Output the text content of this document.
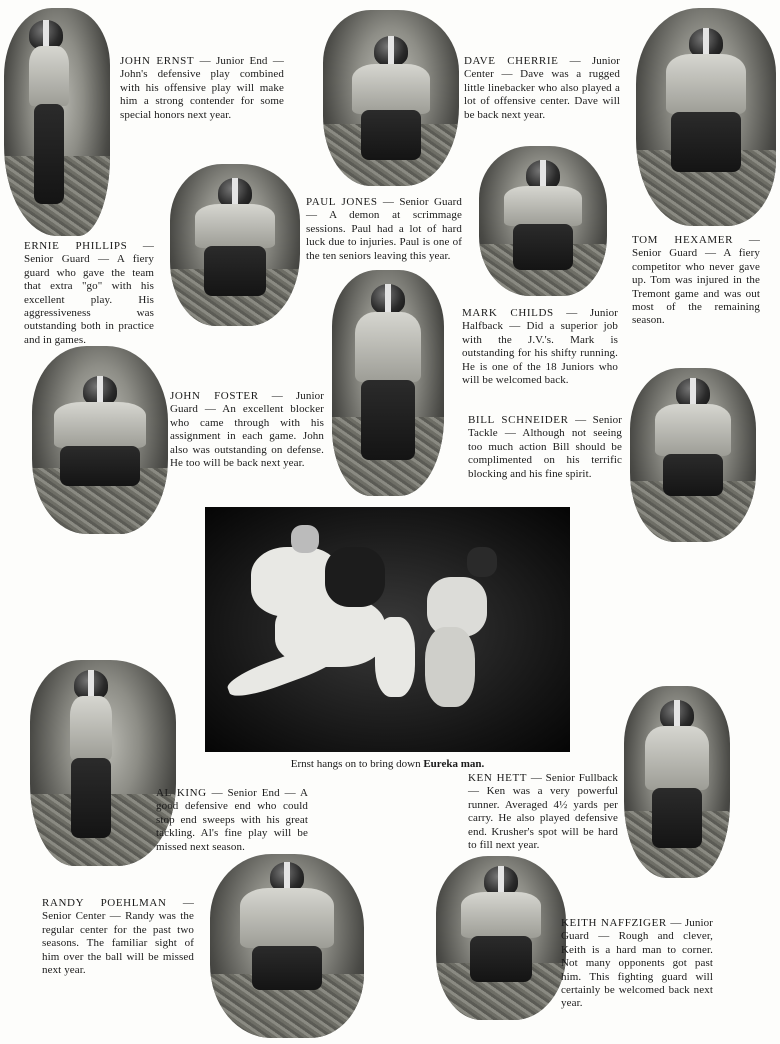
Ernst hangs on to bring down Eureka man.
JOHN ERNST — Junior End — John's defensive play combined with his offensive play will make him a strong contender for some special honors next year.
DAVE CHERRIE — Junior Center — Dave was a rugged little linebacker who also played a lot of offensive center. Dave will be back next year.
PAUL JONES — Senior Guard — A demon at scrimmage sessions. Paul had a lot of hard luck due to injuries. Paul is one of the ten seniors leaving this year.
TOM HEXAMER — Senior Guard — A fiery competitor who never gave up. Tom was injured in the Tremont game and was out most of the remaining season.
ERNIE PHILLIPS — Senior Guard — A fiery guard who gave the team that extra "go" with his excellent play. His aggressiveness was outstanding both in practice and in games.
MARK CHILDS — Junior Halfback — Did a superior job with the J.V.'s. Mark is outstanding for his shifty running. He is one of the 18 Juniors who will be welcomed back.
JOHN FOSTER — Junior Guard — An excellent blocker who came through with his assignment in each game. John also was outstanding on defense. He too will be back next year.
BILL SCHNEIDER — Senior Tackle — Although not seeing too much action Bill should be complimented on his terrific blocking and his fine spirit.
AL KING — Senior End — A good defensive end who could stop end sweeps with his great tackling. Al's fine play will be missed next season.
KEN HETT — Senior Fullback — Ken was a very powerful runner. Averaged 4½ yards per carry. He also played defensive end. Krusher's spot will be hard to fill next year.
RANDY POEHLMAN — Senior Center — Randy was the regular center for the past two seasons. The familiar sight of him over the ball will be missed next year.
KEITH NAFFZIGER — Junior Guard — Rough and clever, Keith is a hard man to corner. Not many opponents got past him. This fighting guard will certainly be welcomed back next year.
